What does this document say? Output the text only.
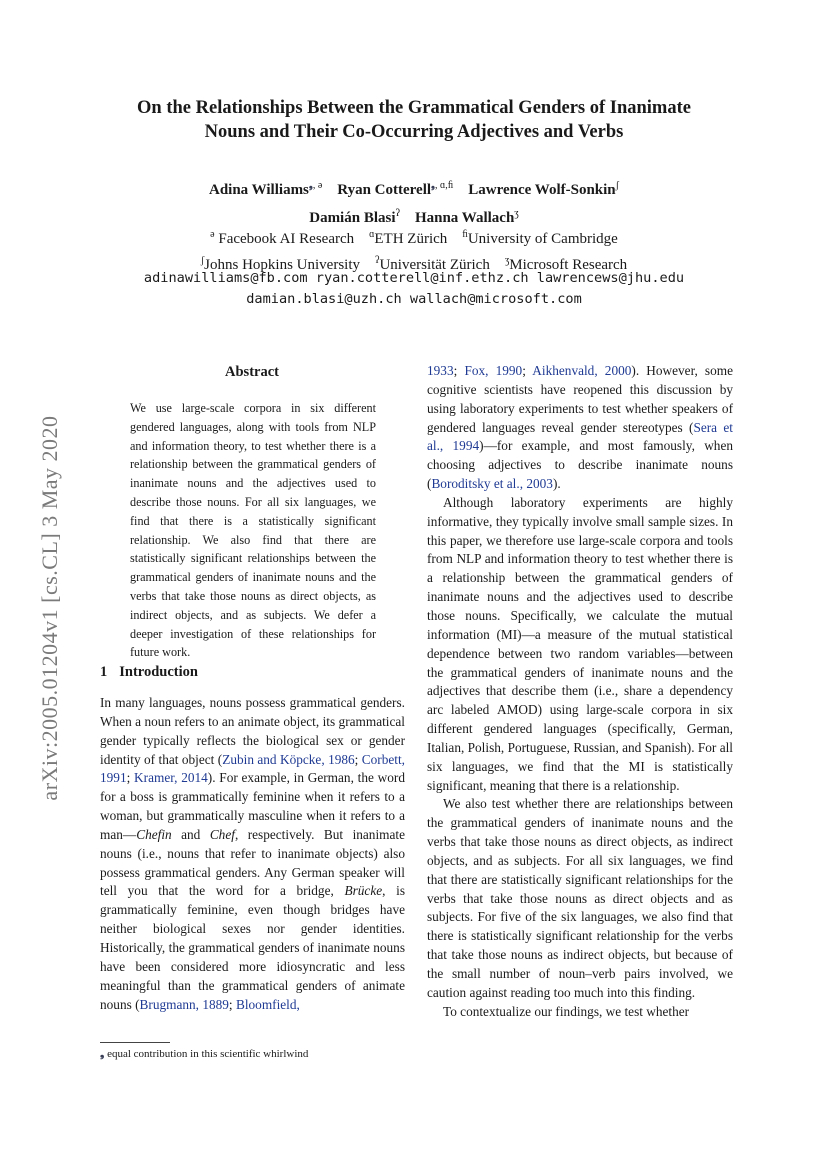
arXiv:2005.01204v1 [cs.CL] 3 May 2020
On the Relationships Between the Grammatical Genders of Inanimate
Nouns and Their Co-Occurring Adjectives and Verbs
Adina Williams$^{❟, ə}$ Ryan Cotterell$^{❟, ɑ,ﬁ}$ Lawrence Wolf-Sonkin$^ʃ$
Damián Blasi$^ʔ$ Hanna Wallach$^ʒ$
$^ə$ Facebook AI Research $^ɑ$ETH Zürich $^ﬁ$University of Cambridge
$^ʃ$Johns Hopkins University $^ʔ$Universität Zürich $^ʒ$Microsoft Research
adinawilliams@fb.com ryan.cotterell@inf.ethz.ch lawrencews@jhu.edu
damian.blasi@uzh.ch wallach@microsoft.com
Abstract
We use large-scale corpora in six different gendered languages, along with tools from NLP and information theory, to test whether there is a relationship between the grammatical genders of inanimate nouns and the adjectives used to describe those nouns. For all six languages, we find that there is a statistically significant relationship. We also find that there are statistically significant relationships between the grammatical genders of inanimate nouns and the verbs that take those nouns as direct objects, as indirect objects, and as subjects. We defer a deeper investigation of these relationships for future work.
1 Introduction

In many languages, nouns possess grammatical genders. When a noun refers to an animate object, its grammatical gender typically reflects the biological sex or gender identity of that object (Zubin and Köpcke, 1986; Corbett, 1991; Kramer, 2014). For example, in German, the word for a boss is grammatically feminine when it refers to a woman, but grammatically masculine when it refers to a man—Chefin and Chef, respectively. But inanimate nouns (i.e., nouns that refer to inanimate objects) also possess grammatical genders. Any German speaker will tell you that the word for a bridge, Brücke, is grammatically feminine, even though bridges have neither biological sexes nor gender identities. Historically, the grammatical genders of inanimate nouns have been considered more idiosyncratic and less meaningful than the grammatical genders of animate nouns (Brugmann, 1889; Bloomfield,

1933; Fox, 1990; Aikhenvald, 2000). However, some cognitive scientists have reopened this discussion by using laboratory experiments to test whether speakers of gendered languages reveal gender stereotypes (Sera et al., 1994)—for example, and most famously, when choosing adjectives to describe inanimate nouns (Boroditsky et al., 2003).

Although laboratory experiments are highly informative, they typically involve small sample sizes. In this paper, we therefore use large-scale corpora and tools from NLP and information theory to test whether there is a relationship between the grammatical genders of inanimate nouns and the adjectives used to describe those nouns. Specifically, we calculate the mutual information (MI)—a measure of the mutual statistical dependence between two random variables—between the grammatical genders of inanimate nouns and the adjectives that describe them (i.e., share a dependency arc labeled AMOD) using large-scale corpora in six different gendered languages (specifically, German, Italian, Polish, Portuguese, Russian, and Spanish). For all six languages, we find that the MI is statistically significant, meaning that there is a relationship.

We also test whether there are relationships between the grammatical genders of inanimate nouns and the verbs that take those nouns as direct objects, as indirect objects, and as subjects. For all six languages, we find that there are statistically significant relationships for the verbs that take those nouns as direct objects and as subjects. For five of the six languages, we also find that there is statistically significant relationship for the verbs that take those nouns as indirect objects, but because of the small number of noun–verb pairs involved, we caution against reading too much into this finding.

To contextualize our findings, we test whether

❟ equal contribution in this scientific whirlwind
